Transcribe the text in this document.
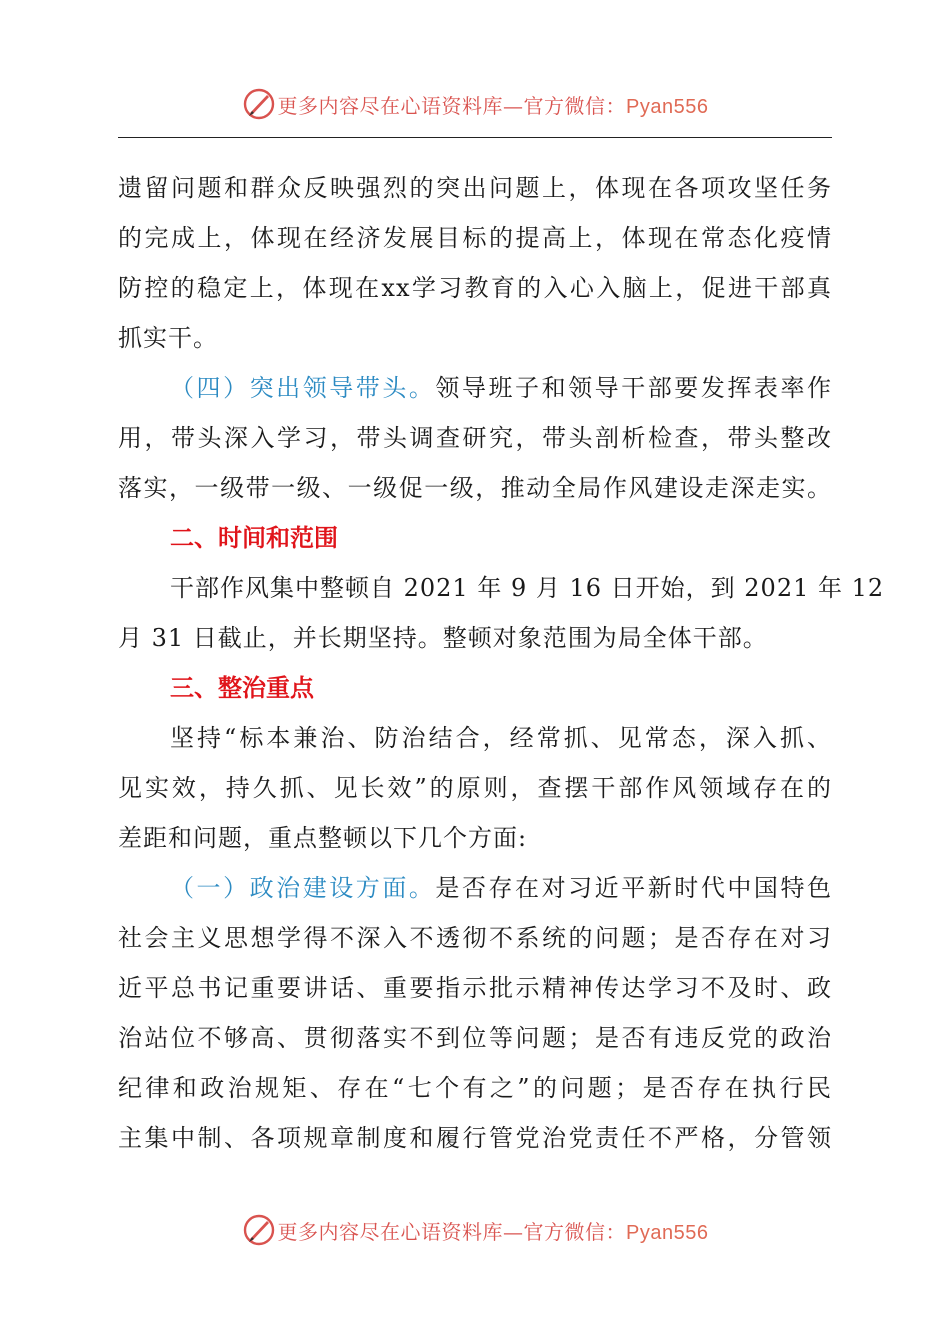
更多内容尽在心语资料库—官方微信：Pyan556
遗留问题和群众反映强烈的突出问题上，体现在各项攻坚任务
的完成上，体现在经济发展目标的提高上，体现在常态化疫情
防控的稳定上，体现在xx学习教育的入心入脑上，促进干部真
抓实干。
（四）突出领导带头。领导班子和领导干部要发挥表率作
用，带头深入学习，带头调查研究，带头剖析检查，带头整改
落实，一级带一级、一级促一级，推动全局作风建设走深走实。
二、时间和范围
干部作风集中整顿自 2021 年 9 月 16 日开始，到 2021 年 12
月 31 日截止，并长期坚持。整顿对象范围为局全体干部。
三、整治重点
坚持“标本兼治、防治结合，经常抓、见常态，深入抓、
见实效，持久抓、见长效”的原则，查摆干部作风领域存在的
差距和问题，重点整顿以下几个方面:
（一）政治建设方面。是否存在对习近平新时代中国特色
社会主义思想学得不深入不透彻不系统的问题；是否存在对习
近平总书记重要讲话、重要指示批示精神传达学习不及时、政
治站位不够高、贯彻落实不到位等问题；是否有违反党的政治
纪律和政治规矩、存在“七个有之”的问题；是否存在执行民
主集中制、各项规章制度和履行管党治党责任不严格，分管领
更多内容尽在心语资料库—官方微信：Pyan556
